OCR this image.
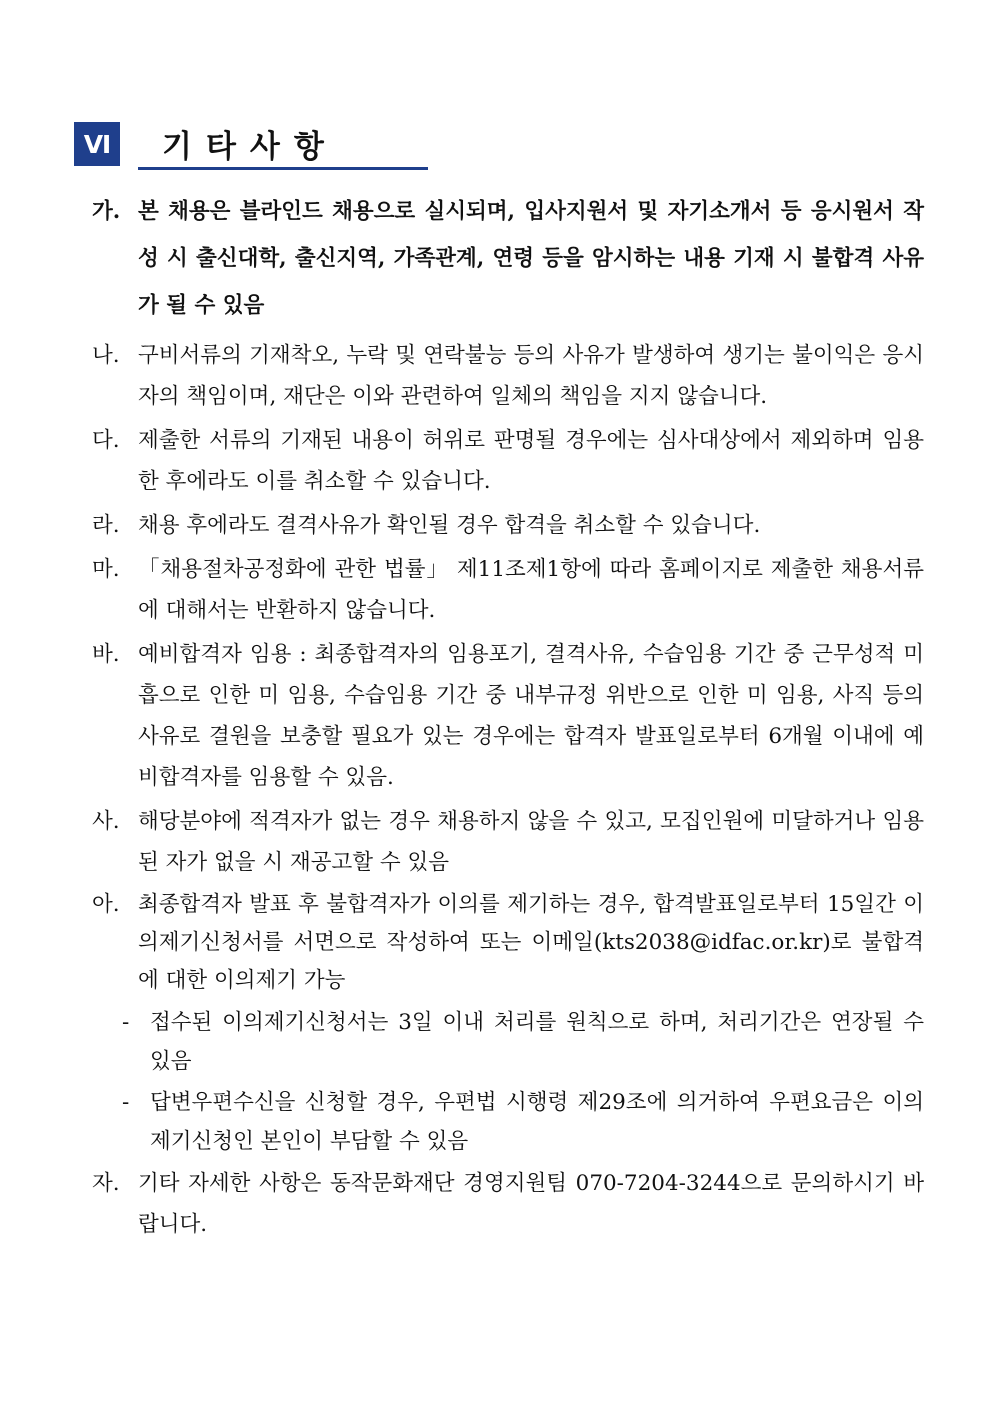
Ⅵ	기타사항
가. 본 채용은 블라인드 채용으로 실시되며, 입사지원서 및 자기소개서 등 응시원서 작성 시 출신대학, 출신지역, 가족관계, 연령 등을 암시하는 내용 기재 시 불합격 사유가 될 수 있음
나. 구비서류의 기재착오, 누락 및 연락불능 등의 사유가 발생하여 생기는 불이익은 응시자의 책임이며, 재단은 이와 관련하여 일체의 책임을 지지 않습니다.
다. 제출한 서류의 기재된 내용이 허위로 판명될 경우에는 심사대상에서 제외하며 임용한 후에라도 이를 취소할 수 있습니다.
라. 채용 후에라도 결격사유가 확인될 경우 합격을 취소할 수 있습니다.
마. 「채용절차공정화에 관한 법률」 제11조제1항에 따라 홈페이지로 제출한 채용서류에 대해서는 반환하지 않습니다.
바. 예비합격자 임용 : 최종합격자의 임용포기, 결격사유, 수습임용 기간 중 근무성적 미흡으로 인한 미 임용, 수습임용 기간 중 내부규정 위반으로 인한 미 임용, 사직 등의 사유로 결원을 보충할 필요가 있는 경우에는 합격자 발표일로부터 6개월 이내에 예비합격자를 임용할 수 있음.
사. 해당분야에 적격자가 없는 경우 채용하지 않을 수 있고, 모집인원에 미달하거나 임용된 자가 없을 시 재공고할 수 있음
아. 최종합격자 발표 후 불합격자가 이의를 제기하는 경우, 합격발표일로부터 15일간 이의제기신청서를 서면으로 작성하여 또는 이메일(kts2038@idfac.or.kr)로 불합격에 대한 이의제기 가능
- 접수된 이의제기신청서는 3일 이내 처리를 원칙으로 하며, 처리기간은 연장될 수 있음
- 답변우편수신을 신청할 경우, 우편법 시행령 제29조에 의거하여 우편요금은 이의제기신청인 본인이 부담할 수 있음
자. 기타 자세한 사항은 동작문화재단 경영지원팀 070-7204-3244으로 문의하시기 바랍니다.
